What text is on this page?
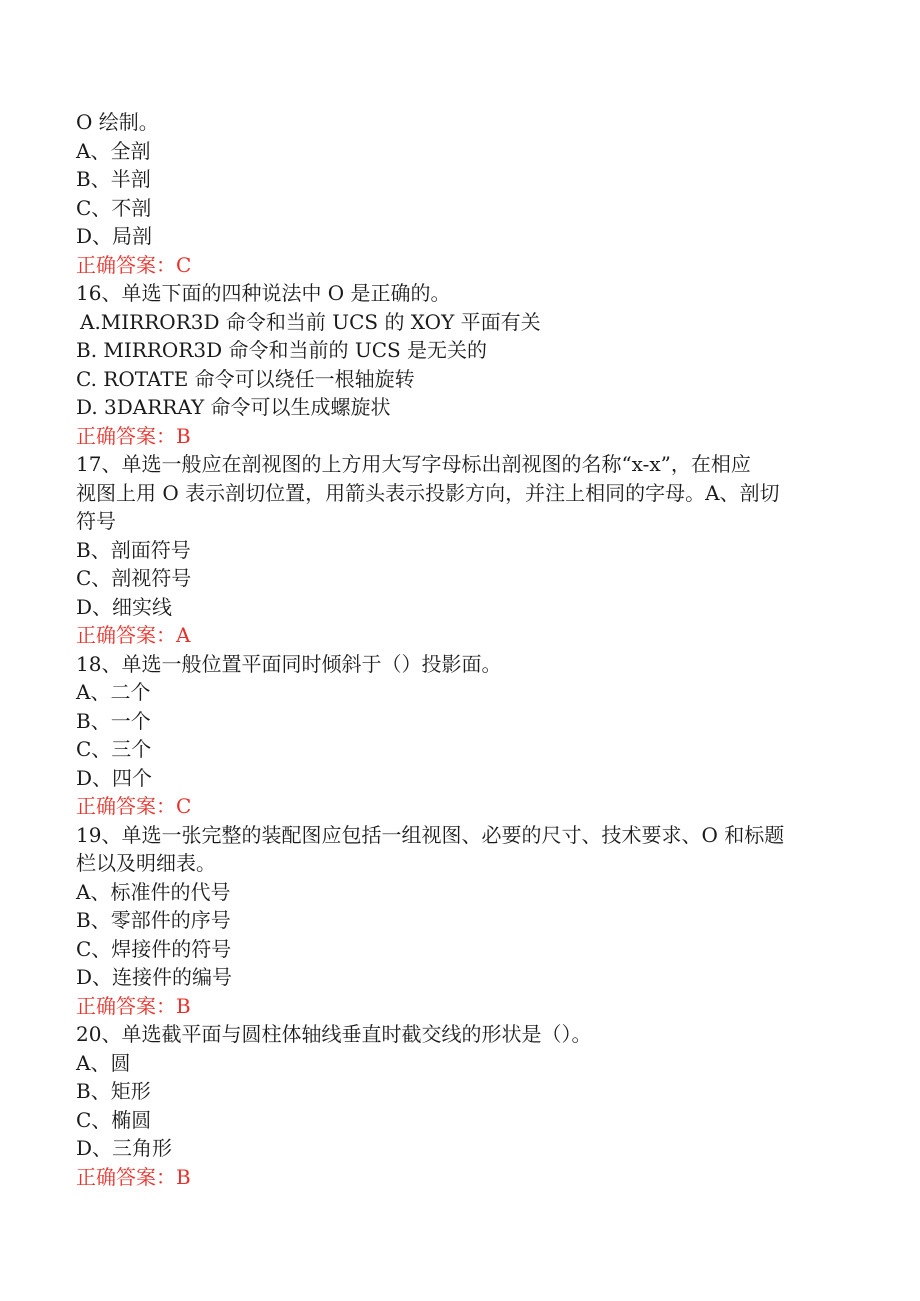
O 绘制。
A、全剖
B、半剖
C、不剖
D、局剖
正确答案：C
16、单选下面的四种说法中 O 是正确的。
A.MIRROR3D 命令和当前 UCS 的 XOY 平面有关
B. MIRROR3D 命令和当前的 UCS 是无关的
C. ROTATE 命令可以绕任一根轴旋转
D. 3DARRAY 命令可以生成螺旋状
正确答案：B
17、单选一般应在剖视图的上方用大写字母标出剖视图的名称“x-x”，在相应
视图上用 O 表示剖切位置，用箭头表示投影方向，并注上相同的字母。A、剖切
符号
B、剖面符号
C、剖视符号
D、细实线
正确答案：A
18、单选一般位置平面同时倾斜于（）投影面。
A、二个
B、一个
C、三个
D、四个
正确答案：C
19、单选一张完整的装配图应包括一组视图、必要的尺寸、技术要求、O 和标题
栏以及明细表。
A、标准件的代号
B、零部件的序号
C、焊接件的符号
D、连接件的编号
正确答案：B
20、单选截平面与圆柱体轴线垂直时截交线的形状是（）。
A、圆
B、矩形
C、椭圆
D、三角形
正确答案：B
